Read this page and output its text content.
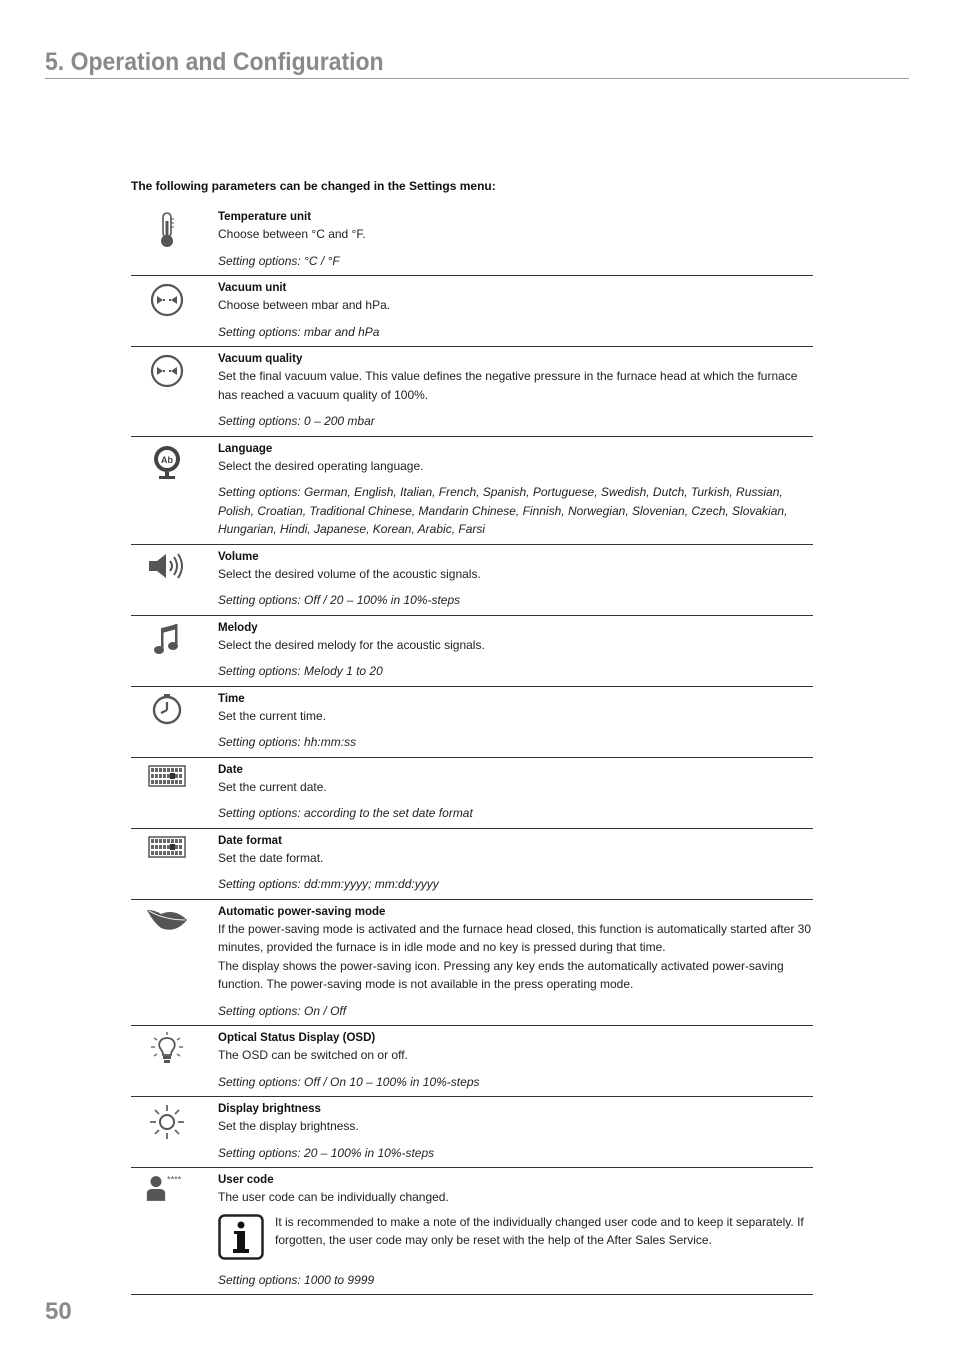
5. Operation and Configuration
The following parameters can be changed in the Settings menu:
Temperature unit
Choose between °C and °F.
Setting options: °C / °F
Vacuum unit
Choose between mbar and hPa.
Setting options: mbar and hPa
Vacuum quality
Set the final vacuum value. This value defines the negative pressure in the furnace head at which the furnace has reached a vacuum quality of 100%.
Setting options: 0 – 200 mbar
Ab
Language
Select the desired operating language.
Setting options: German, English, Italian, French, Spanish, Portuguese, Swedish, Dutch, Turkish, Russian, Polish, Croatian, Traditional Chinese, Mandarin Chinese, Finnish, Norwegian, Slovenian, Czech, Slovakian, Hungarian, Hindi, Japanese, Korean, Arabic, Farsi
Volume
Select the desired volume of the acoustic signals.
Setting options: Off / 20 – 100% in 10%-steps
Melody
Select the desired melody for the acoustic signals.
Setting options: Melody 1 to 20
Time
Set the current time.
Setting options: hh:mm:ss
Date
Set the current date.
Setting options: according to the set date format
Date format
Set the date format.
Setting options: dd:mm:yyyy; mm:dd:yyyy
Automatic power-saving mode
If the power-saving mode is activated and the furnace head closed, this function is automatically started after 30 minutes, provided the furnace is in idle mode and no key is pressed during that time.
The display shows the power-saving icon. Pressing any key ends the automatically activated power-saving function. The power-saving mode is not available in the press operating mode.
Setting options: On / Off
Optical Status Display (OSD)
The OSD can be switched on or off.
Setting options: Off / On 10 – 100% in 10%-steps
Display brightness
Set the display brightness.
Setting options: 20 – 100% in 10%-steps
****	User code
The user code can be individually changed.
It is recommended to make a note of the individually changed user code and to keep it separately. If forgotten, the user code may only be reset with the help of the After Sales Service.
Setting options: 1000 to 9999
50
